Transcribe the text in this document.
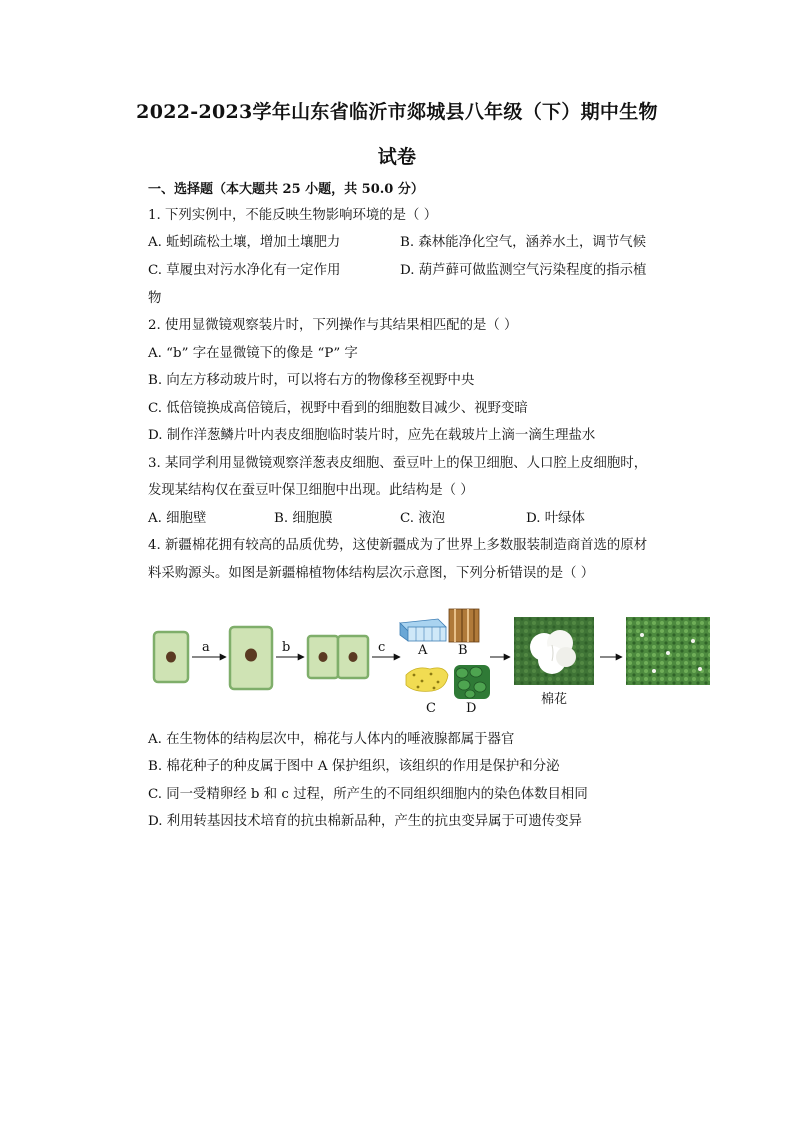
2022-2023学年山东省临沂市郯城县八年级（下）期中生物
试卷
一、选择题（本大题共 25 小题，共 50.0 分）
1. 下列实例中，不能反映生物影响环境的是（ ）
A. 蚯蚓疏松土壤，增加土壤肥力	B. 森林能净化空气，涵养水土，调节气候
C. 草履虫对污水净化有一定作用	D. 葫芦藓可做监测空气污染程度的指示植
物
2. 使用显微镜观察装片时，下列操作与其结果相匹配的是（ ）
A. “b” 字在显微镜下的像是 “P” 字
B. 向左方移动玻片时，可以将右方的物像移至视野中央
C. 低倍镜换成高倍镜后，视野中看到的细胞数目减少、视野变暗
D. 制作洋葱鳞片叶内表皮细胞临时装片时，应先在载玻片上滴一滴生理盐水
3. 某同学利用显微镜观察洋葱表皮细胞、蚕豆叶上的保卫细胞、人口腔上皮细胞时，
发现某结构仅在蚕豆叶保卫细胞中出现。此结构是（ ）
A. 细胞壁	B. 细胞膜	C. 液泡	D. 叶绿体
4. 新疆棉花拥有较高的品质优势，这使新疆成为了世界上多数服装制造商首选的原材
料采购源头。如图是新疆棉植物体结构层次示意图，下列分析错误的是（ ）
a	b	c	A B
C D
棉花
A. 在生物体的结构层次中，棉花与人体内的唾液腺都属于器官
B. 棉花种子的种皮属于图中 A 保护组织，该组织的作用是保护和分泌
C. 同一受精卵经 b 和 c 过程，所产生的不同组织细胞内的染色体数目相同
D. 利用转基因技术培育的抗虫棉新品种，产生的抗虫变异属于可遗传变异
